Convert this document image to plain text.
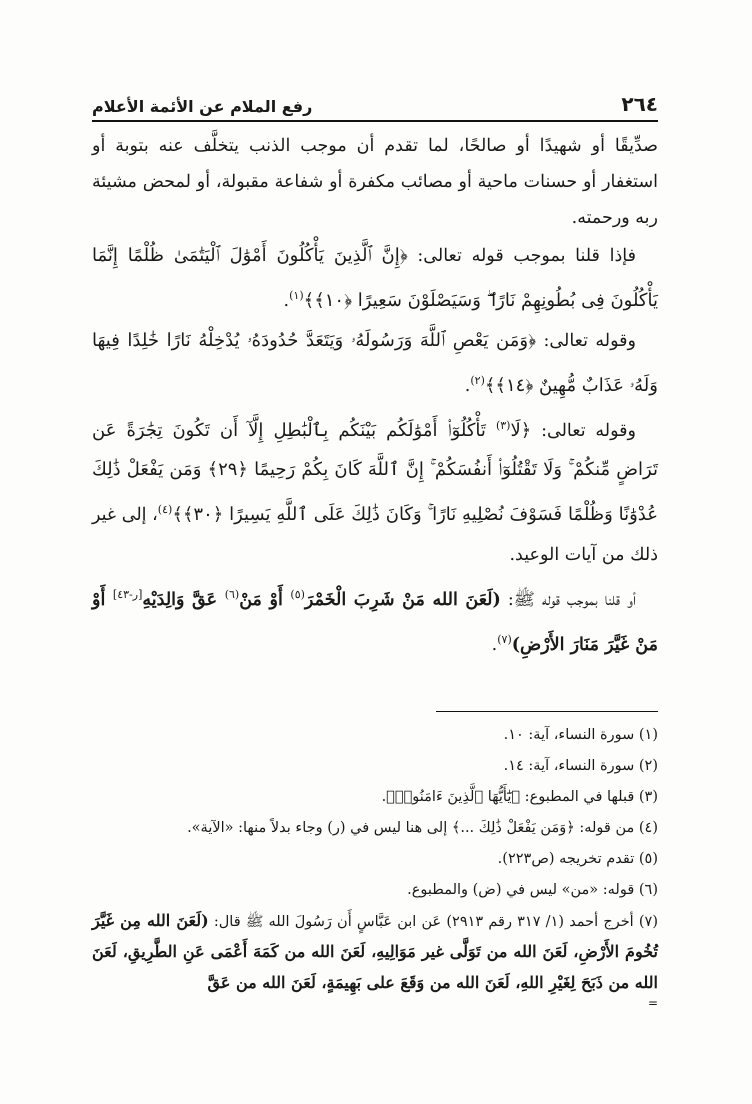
٢٦٤
رفع الملام عن الأئمة الأعلام

صدِّيقًا أو شهيدًا أو صالحًا، لما تقدم أن موجب الذنب يتخلَّف عنه بتوبة أو استغفار أو حسنات ماحية أو مصائب مكفرة أو شفاعة مقبولة، أو لمحض مشيئة ربه ورحمته.

فإذا قلنا بموجب قوله تعالى: ﴿إِنَّ ٱلَّذِينَ يَأْكُلُونَ أَمْوَٰلَ ٱلْيَتَٰمَىٰ ظُلْمًا إِنَّمَا يَأْكُلُونَ فِى بُطُونِهِمْ نَارًا ۖ وَسَيَصْلَوْنَ سَعِيرًا ﴿١٠﴾﴾$^{(١)}$.

وقوله تعالى: ﴿وَمَن يَعْصِ ٱللَّهَ وَرَسُولَهُۥ وَيَتَعَدَّ حُدُودَهُۥ يُدْخِلْهُ نَارًا خَٰلِدًا فِيهَا وَلَهُۥ عَذَابٌ مُّهِينٌ ﴿١٤﴾﴾$^{(٢)}$.

وقوله تعالى: ﴿لَا$^{(٣)}$ تَأْكُلُوٓا۟ أَمْوَٰلَكُم بَيْنَكُم بِٱلْبَٰطِلِ إِلَّآ أَن تَكُونَ تِجَٰرَةً عَن تَرَاضٍ مِّنكُمْ ۚ وَلَا تَقْتُلُوٓا۟ أَنفُسَكُمْ ۚ إِنَّ ٱللَّهَ كَانَ بِكُمْ رَحِيمًا ﴿٢٩﴾ وَمَن يَفْعَلْ ذَٰلِكَ عُدْوَٰنًا وَظُلْمًا فَسَوْفَ نُصْلِيهِ نَارًا ۚ وَكَانَ ذَٰلِكَ عَلَى ٱللَّهِ يَسِيرًا ﴿٣٠﴾﴾$^{(٤)}$، إلى غير ذلك من آيات الوعيد.

أو قلنا بموجب قوله ﷺ: (لَعَنَ الله مَنْ شَرِبَ الْخَمْرَ$^{(٥)}$ أَوْ مَنْ$^{(٦)}$ عَقَّ وَالِدَيْهِ[ر-٤٣] أَوْ مَنْ غَيَّرَ مَنَارَ الأَرْضِ)$^{(٧)}$.

(١) سورة النساء، آية: ١٠.

(٢) سورة النساء، آية: ١٤.

(٣) قبلها في المطبوع: ﴿يَٰٓأَيُّهَا ٱلَّذِينَ ءَامَنُوا۟﴾.

(٤) من قوله: ﴿وَمَن يَفْعَلْ ذَٰلِكَ ...﴾ إلى هنا ليس في (ر) وجاء بدلاً منها: «الآية».

(٥) تقدم تخريجه (ص٢٢٣).

(٦) قوله: «من» ليس في (ض) والمطبوع.

(٧) أخرج أحمد (١/ ٣١٧ رقم ٢٩١٣) عَن ابن عَبَّاسٍ أَن رَسُولَ الله ﷺ قال: (لَعَنَ الله مِن غَيَّرَ تُخُومَ الأَرْضِ، لَعَنَ الله من تَوَلَّى غير مَوَالِيهِ، لَعَنَ الله من كَمَهَ أَعْمَى عَنِ الطَّرِيقِ، لَعَنَ الله من ذَبَحَ لِغَيْرِ اللهِ، لَعَنَ الله من وَقَعَ على بَهِيمَةٍ، لَعَنَ الله من عَقَّ

=
